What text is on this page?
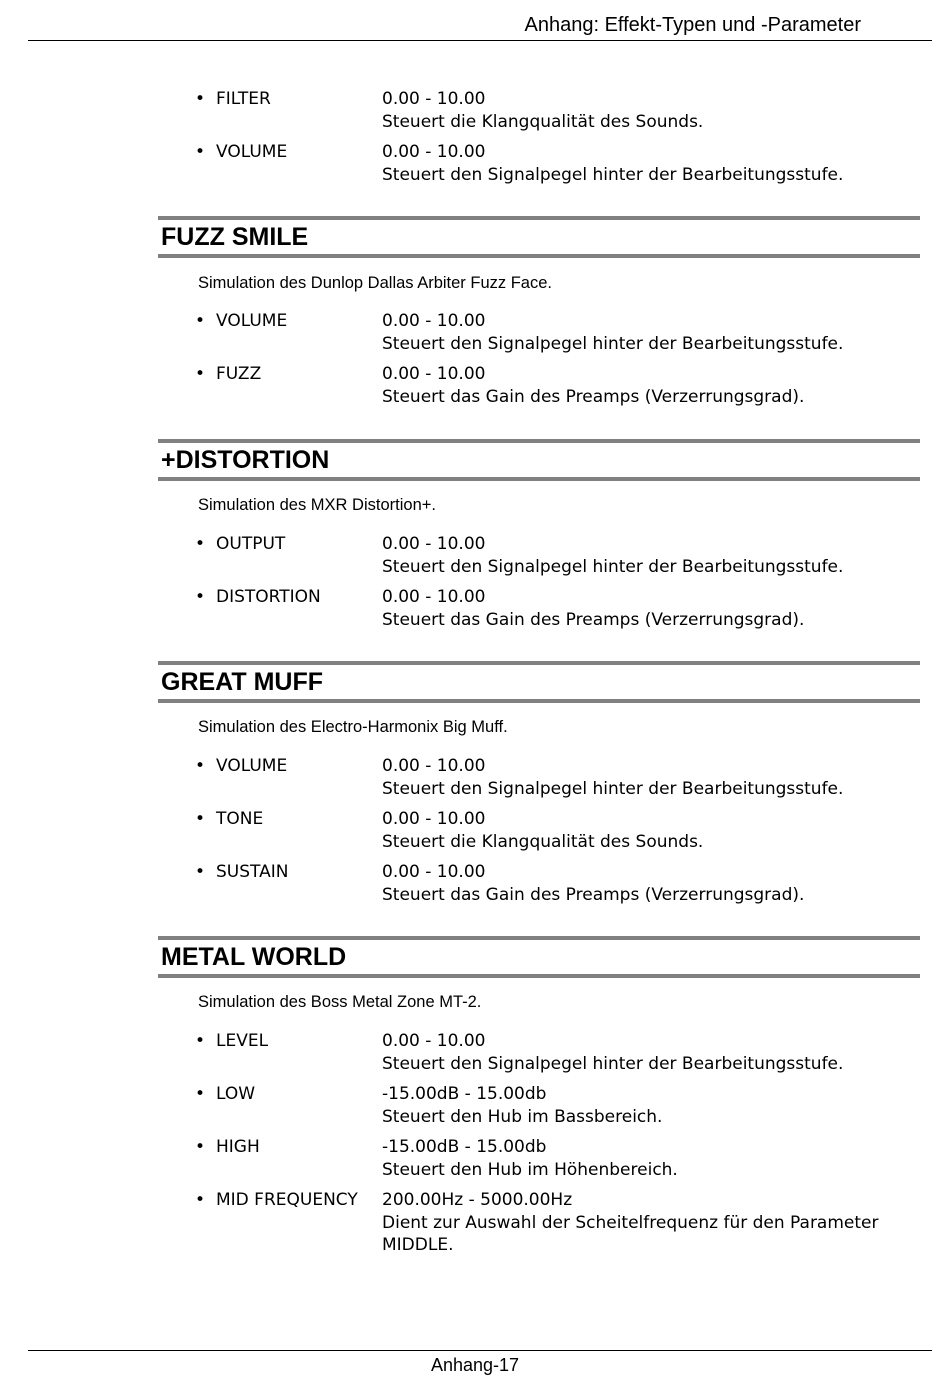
Anhang: Effekt-Typen und -Parameter
• FILTER	0.00 - 10.00
Steuert die Klangqualität des Sounds.
• VOLUME	0.00 - 10.00
Steuert den Signalpegel hinter der Bearbeitungsstufe.
FUZZ SMILE
Simulation des Dunlop Dallas Arbiter Fuzz Face.
• VOLUME	0.00 - 10.00
Steuert den Signalpegel hinter der Bearbeitungsstufe.
• FUZZ	0.00 - 10.00
Steuert das Gain des Preamps (Verzerrungsgrad).
+DISTORTION
Simulation des MXR Distortion+.
• OUTPUT	0.00 - 10.00
Steuert den Signalpegel hinter der Bearbeitungsstufe.
• DISTORTION	0.00 - 10.00
Steuert das Gain des Preamps (Verzerrungsgrad).
GREAT MUFF
Simulation des Electro-Harmonix Big Muff.
• VOLUME	0.00 - 10.00
Steuert den Signalpegel hinter der Bearbeitungsstufe.
• TONE	0.00 - 10.00
Steuert die Klangqualität des Sounds.
• SUSTAIN	0.00 - 10.00
Steuert das Gain des Preamps (Verzerrungsgrad).
METAL WORLD
Simulation des Boss Metal Zone MT-2.
• LEVEL	0.00 - 10.00
Steuert den Signalpegel hinter der Bearbeitungsstufe.
• LOW	-15.00dB - 15.00db
Steuert den Hub im Bassbereich.
• HIGH	-15.00dB - 15.00db
Steuert den Hub im Höhenbereich.
• MID FREQUENCY 200.00Hz - 5000.00Hz
Dient zur Auswahl der Scheitelfrequenz für den Parameter MIDDLE.
Anhang-17
